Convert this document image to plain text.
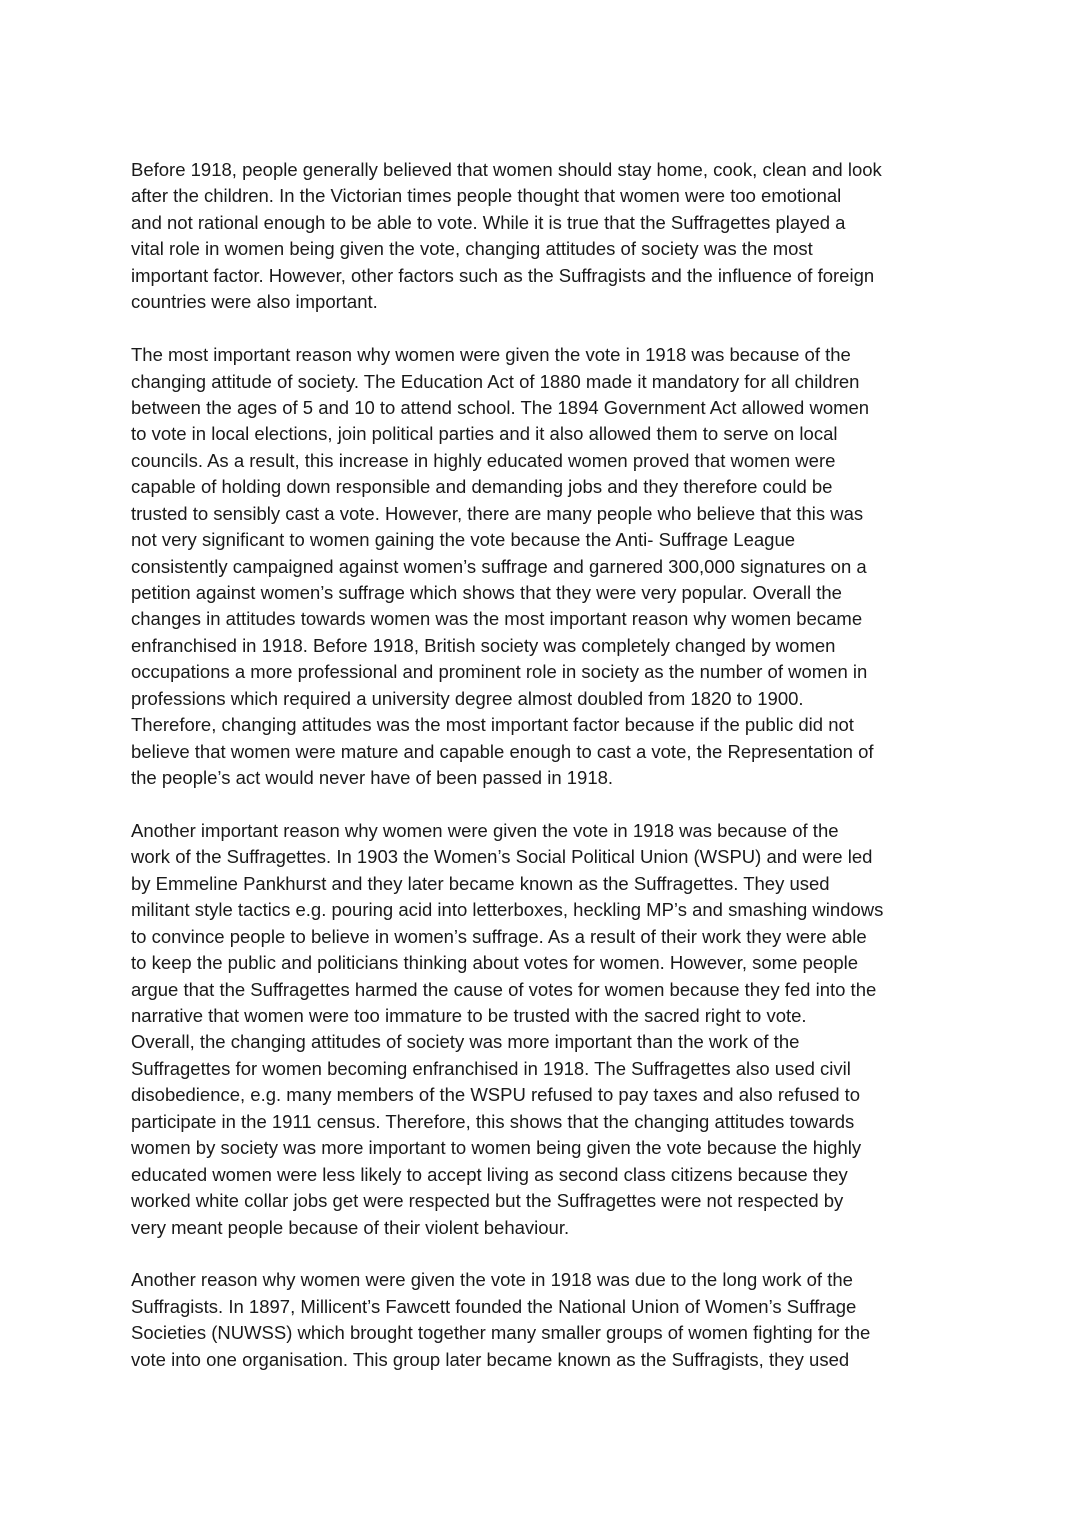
Before 1918, people generally believed that women should stay home, cook, clean and look
after the children. In the Victorian times people thought that women were too emotional
and not rational enough to be able to vote. While it is true that the Suffragettes played a
vital role in women being given the vote, changing attitudes of society was the most
important factor. However, other factors such as the Suffragists and the influence of foreign
countries were also important.
The most important reason why women were given the vote in 1918 was because of the
changing attitude of society. The Education Act of 1880 made it mandatory for all children
between the ages of 5 and 10 to attend school. The 1894 Government Act allowed women
to vote in local elections, join political parties and it also allowed them to serve on local
councils. As a result, this increase in highly educated women proved that women were
capable of holding down responsible and demanding jobs and they therefore could be
trusted to sensibly cast a vote. However, there are many people who believe that this was
not very significant to women gaining the vote because the Anti- Suffrage League
consistently campaigned against women’s suffrage and garnered 300,000 signatures on a
petition against women’s suffrage which shows that they were very popular. Overall the
changes in attitudes towards women was the most important reason why women became
enfranchised in 1918. Before 1918, British society was completely changed by women
occupations a more professional and prominent role in society as the number of women in
professions which required a university degree almost doubled from 1820 to 1900.
Therefore, changing attitudes was the most important factor because if the public did not
believe that women were mature and capable enough to cast a vote, the Representation of
the people’s act would never have of been passed in 1918.
Another important reason why women were given the vote in 1918 was because of the
work of the Suffragettes. In 1903 the Women’s Social Political Union (WSPU) and were led
by Emmeline Pankhurst and they later became known as the Suffragettes. They used
militant style tactics e.g. pouring acid into letterboxes, heckling MP’s and smashing windows
to convince people to believe in women’s suffrage. As a result of their work they were able
to keep the public and politicians thinking about votes for women. However, some people
argue that the Suffragettes harmed the cause of votes for women because they fed into the
narrative that women were too immature to be trusted with the sacred right to vote.
Overall, the changing attitudes of society was more important than the work of the
Suffragettes for women becoming enfranchised in 1918. The Suffragettes also used civil
disobedience, e.g. many members of the WSPU refused to pay taxes and also refused to
participate in the 1911 census. Therefore, this shows that the changing attitudes towards
women by society was more important to women being given the vote because the highly
educated women were less likely to accept living as second class citizens because they
worked white collar jobs get were respected but the Suffragettes were not respected by
very meant people because of their violent behaviour.
Another reason why women were given the vote in 1918 was due to the long work of the
Suffragists. In 1897, Millicent’s Fawcett founded the National Union of Women’s Suffrage
Societies (NUWSS) which brought together many smaller groups of women fighting for the
vote into one organisation. This group later became known as the Suffragists, they used
